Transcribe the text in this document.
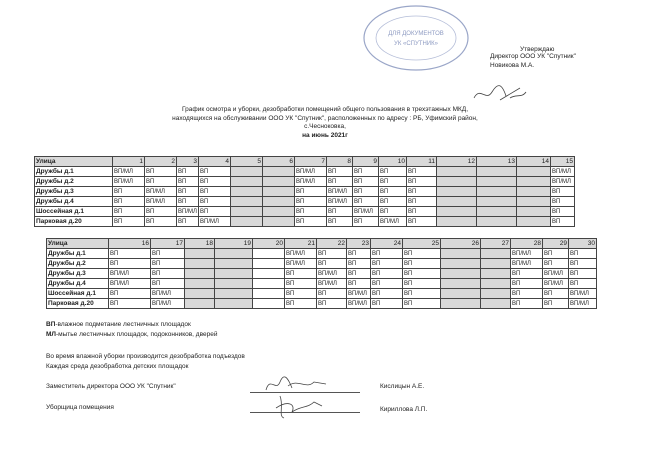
ДЛЯ ДОКУМЕНТОВ
УК «СПУТНИК»
Утверждаю
Директор ООО УК "Спутник"
Новикова М.А.
График осмотра и уборки, дезобработки помещений общего пользования в трехэтажных МКД,
находящихся на обслуживании ООО УК "Спутник", расположенных по адресу : РБ, Уфимский район,
с.Чесноковка,
на июнь 2021г
Улица	1	2	3	4	5	6	7	8	9	10	11	12	13	14	15
Дружбы д.1	ВП/МЛ	ВП	ВП	ВП			ВП/МЛ	ВП	ВП	ВП	ВП				ВП/МЛ
Дружбы д.2	ВП/МЛ	ВП	ВП	ВП			ВП/МЛ	ВП	ВП	ВП	ВП				ВП/МЛ
Дружбы д.3	ВП	ВП/МЛ	ВП	ВП			ВП	ВП/МЛ	ВП	ВП	ВП				ВП
Дружбы д.4	ВП	ВП/МЛ	ВП	ВП			ВП	ВП/МЛ	ВП	ВП	ВП				ВП
Шоссейная д.1	ВП	ВП	ВП/МЛ	ВП			ВП	ВП	ВП/МЛ	ВП	ВП				ВП
Парковая д.20	ВП	ВП	ВП	ВП/МЛ			ВП	ВП	ВП	ВП/МЛ	ВП				ВП
Улица	16	17	18	19	20	21	22	23	24	25	26	27	28	29	30
Дружбы д.1	ВП	ВП				ВП/МЛ	ВП	ВП	ВП	ВП			ВП/МЛ	ВП	ВП
Дружбы д.2	ВП	ВП				ВП/МЛ	ВП	ВП	ВП	ВП			ВП/МЛ	ВП	ВП
Дружбы д.3	ВП/МЛ	ВП				ВП	ВП/МЛ	ВП	ВП	ВП			ВП	ВП/МЛ	ВП
Дружбы д.4	ВП/МЛ	ВП				ВП	ВП/МЛ	ВП	ВП	ВП			ВП	ВП/МЛ	ВП
Шоссейная д.1	ВП	ВП/МЛ				ВП	ВП	ВП/МЛ	ВП	ВП			ВП	ВП	ВП/МЛ
Парковая д.20	ВП	ВП/МЛ				ВП	ВП	ВП/МЛ	ВП	ВП			ВП	ВП	ВП/МЛ
ВП-влажное подметание лестничных площадок
МЛ-мытье лестничных площадок, подоконников, дверей
Во время влажной уборки производится дезобработка подъездов
Каждая среда дезобработка детских площадок
Заместитель директора ООО УК "Спутник"	Кислицын А.Е.
Уборщица помещения	Кириллова Л.П.
